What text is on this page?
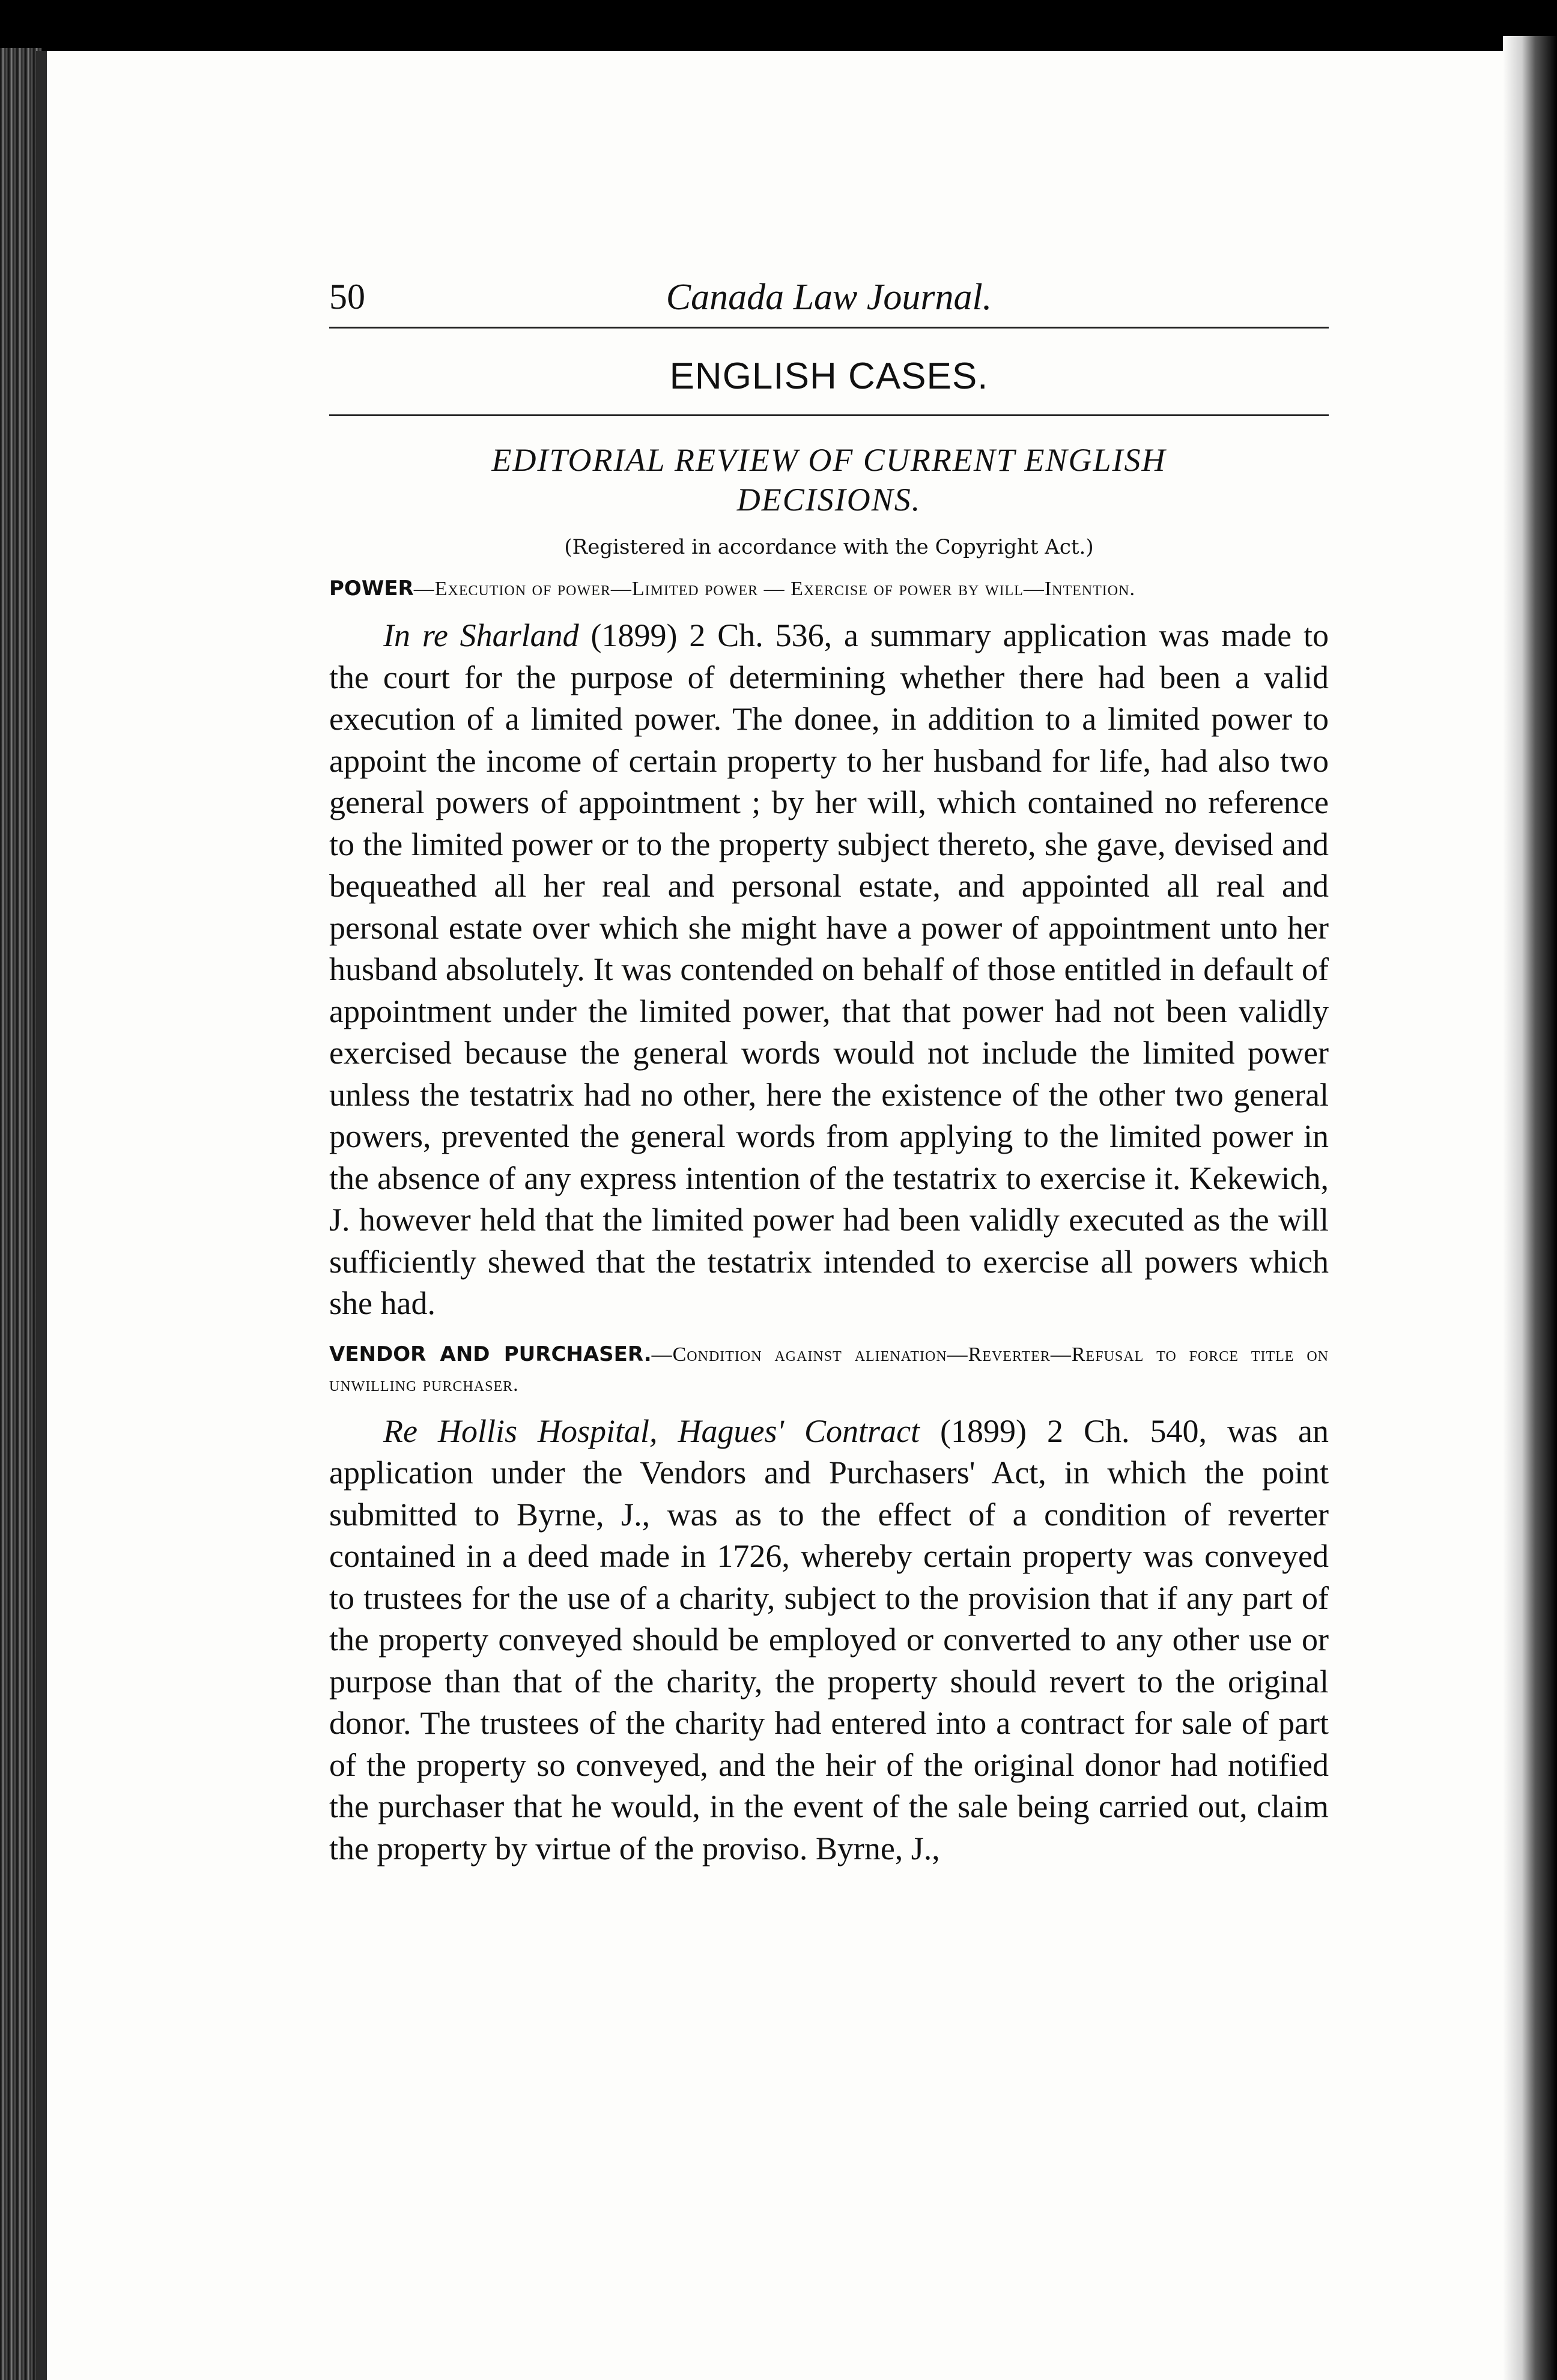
50	Canada Law Journal.
ENGLISH CASES.
EDITORIAL REVIEW OF CURRENT ENGLISH DECISIONS.
(Registered in accordance with the Copyright Act.)
POWER—Execution of power—Limited power — Exercise of power by will—Intention.

In re Sharland (1899) 2 Ch. 536, a summary application was made to the court for the purpose of determining whether there had been a valid execution of a limited power. The donee, in addition to a limited power to appoint the income of certain property to her husband for life, had also two general powers of appointment ; by her will, which contained no reference to the limited power or to the property subject thereto, she gave, devised and bequeathed all her real and personal estate, and appointed all real and personal estate over which she might have a power of appointment unto her husband absolutely. It was contended on behalf of those entitled in default of appointment under the limited power, that that power had not been validly exercised because the general words would not include the limited power unless the testatrix had no other, here the existence of the other two general powers, prevented the general words from applying to the limited power in the absence of any express intention of the testatrix to exercise it. Kekewich, J. however held that the limited power had been validly executed as the will sufficiently shewed that the testatrix intended to exercise all powers which she had.

VENDOR AND PURCHASER.—Condition against alienation—Reverter—Refusal to force title on unwilling purchaser.

Re Hollis Hospital, Hagues' Contract (1899) 2 Ch. 540, was an application under the Vendors and Purchasers' Act, in which the point submitted to Byrne, J., was as to the effect of a condition of reverter contained in a deed made in 1726, whereby certain property was conveyed to trustees for the use of a charity, subject to the provision that if any part of the property conveyed should be employed or converted to any other use or purpose than that of the charity, the property should revert to the original donor. The trustees of the charity had entered into a contract for sale of part of the property so conveyed, and the heir of the original donor had notified the purchaser that he would, in the event of the sale being carried out, claim the property by virtue of the proviso. Byrne, J.,
